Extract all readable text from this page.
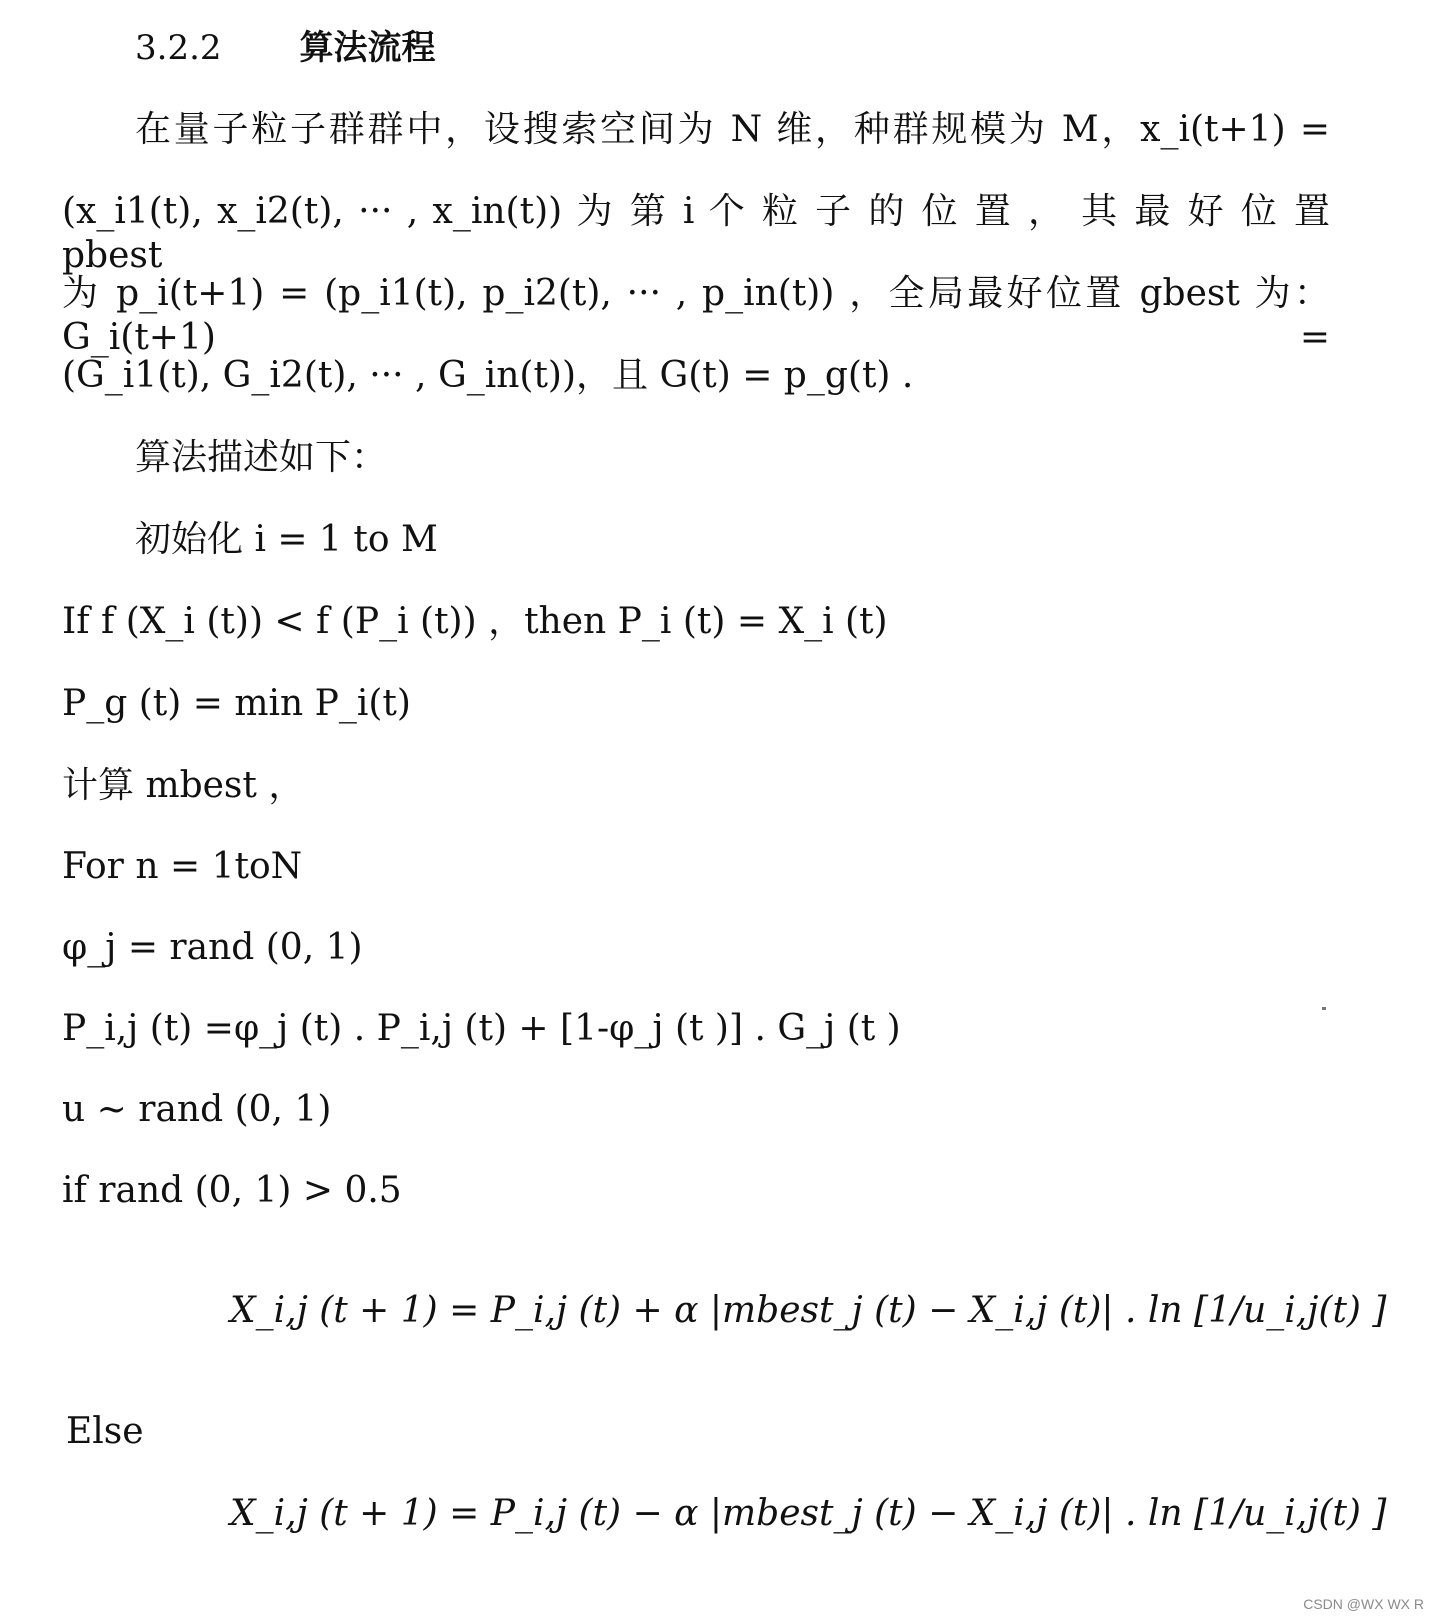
3.2.2 算法流程
在量子粒子群群中，设搜索空间为 N 维，种群规模为 M，x_i(t+1) =
(x_i1(t), x_i2(t), ··· , x_in(t)) 为 第 i 个 粒 子 的 位 置 ， 其 最 好 位 置 pbest
为 p_i(t+1) = (p_i1(t), p_i2(t), ··· , p_in(t)) ，全局最好位置 gbest 为：G_i(t+1) =
(G_i1(t), G_i2(t), ··· , G_in(t))，且 G(t) = p_g(t) .
算法描述如下：
初始化 i = 1 to M
If f (X_i (t)) < f (P_i (t)) ，then P_i (t) = X_i (t)
P_g (t) = min P_i(t)
计算 mbest ，
For n = 1toN
φ_j = rand (0, 1)
P_i,j (t) =φ_j (t) . P_i,j (t) + [1-φ_j (t )] . G_j (t )
u ~ rand (0, 1)
if rand (0, 1) > 0.5
X_i,j (t + 1) = P_i,j (t) + α |mbest_j (t) − X_i,j (t)| . ln [1/u_i,j(t) ]
Else
X_i,j (t + 1) = P_i,j (t) − α |mbest_j (t) − X_i,j (t)| . ln [1/u_i,j(t) ]
CSDN @WX WX R
